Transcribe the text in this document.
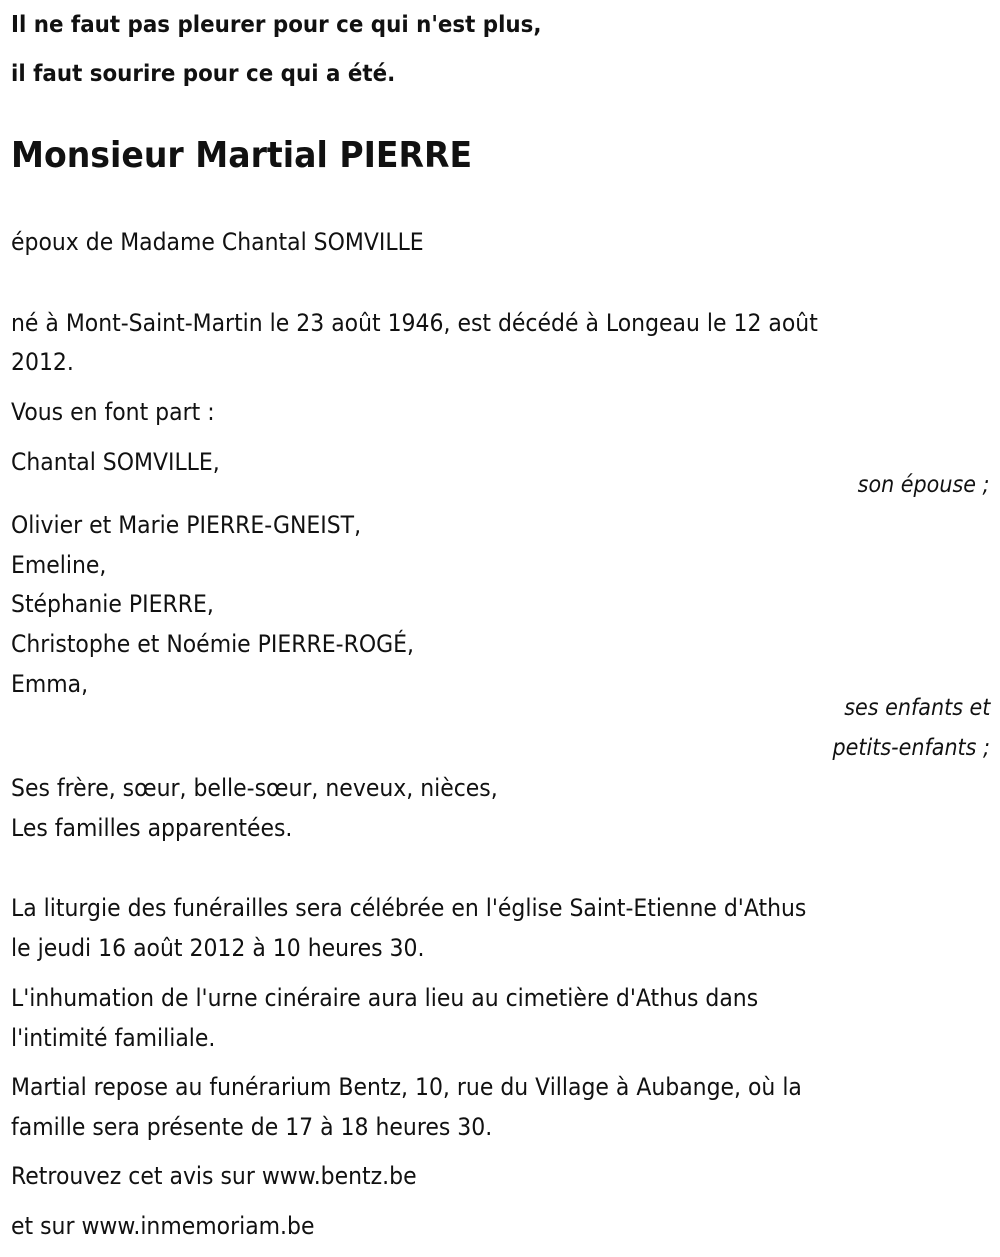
Il ne faut pas pleurer pour ce qui n'est plus,
il faut sourire pour ce qui a été.
Monsieur Martial PIERRE
époux de Madame Chantal SOMVILLE
né à Mont-Saint-Martin le 23 août 1946, est décédé à Longeau le 12 août
2012.
Vous en font part :
Chantal SOMVILLE,
son épouse ;
Olivier et Marie PIERRE-GNEIST,
Emeline,
Stéphanie PIERRE,
Christophe et Noémie PIERRE-ROGÉ,
Emma,
ses enfants et
petits-enfants ;
Ses frère, sœur, belle-sœur, neveux, nièces,
Les familles apparentées.
La liturgie des funérailles sera célébrée en l'église Saint-Etienne d'Athus
le jeudi 16 août 2012 à 10 heures 30.
L'inhumation de l'urne cinéraire aura lieu au cimetière d'Athus dans
l'intimité familiale.
Martial repose au funérarium Bentz, 10, rue du Village à Aubange, où la
famille sera présente de 17 à 18 heures 30.
Retrouvez cet avis sur www.bentz.be
et sur www.inmemoriam.be
